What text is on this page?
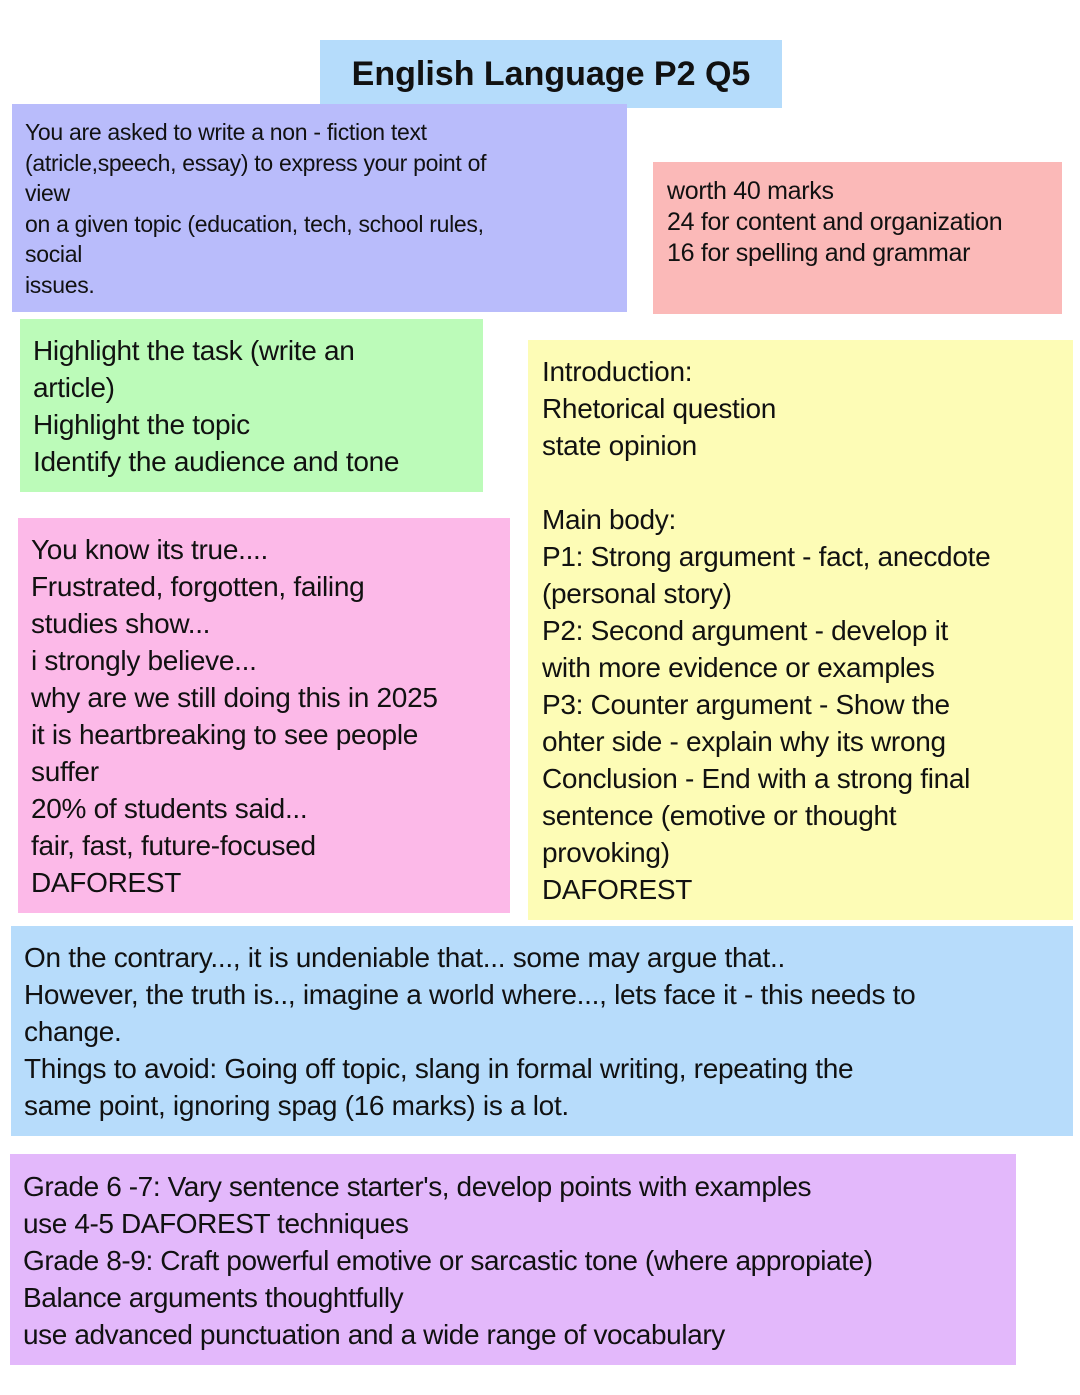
English Language P2 Q5
You are asked to write a non - fiction text
(atricle,speech, essay) to express your point of
view
on a given topic (education, tech, school rules,
social
issues.
worth 40 marks
24 for content and organization
16 for spelling and grammar
Highlight the task (write an
article)
Highlight the topic
Identify the audience and tone
Introduction:
Rhetorical question
state opinion

Main body:
P1: Strong argument - fact, anecdote
(personal story)
P2: Second argument - develop it
with more evidence or examples
P3: Counter argument - Show the
ohter side - explain why its wrong
Conclusion - End with a strong final
sentence (emotive or thought
provoking)
DAFOREST
You know its true....
Frustrated, forgotten, failing
studies show...
i strongly believe...
why are we still doing this in 2025
it is heartbreaking to see people
suffer
20% of students said...
fair, fast, future-focused
DAFOREST
On the contrary..., it is undeniable that... some may argue that..
However, the truth is.., imagine a world where..., lets face it - this needs to
change.
Things to avoid: Going off topic, slang in formal writing, repeating the
same point, ignoring spag (16 marks) is a lot.
Grade 6 -7: Vary sentence starter's, develop points with examples
use 4-5 DAFOREST techniques
Grade 8-9: Craft powerful emotive or sarcastic tone (where appropiate)
Balance arguments thoughtfully
use advanced punctuation and a wide range of vocabulary
